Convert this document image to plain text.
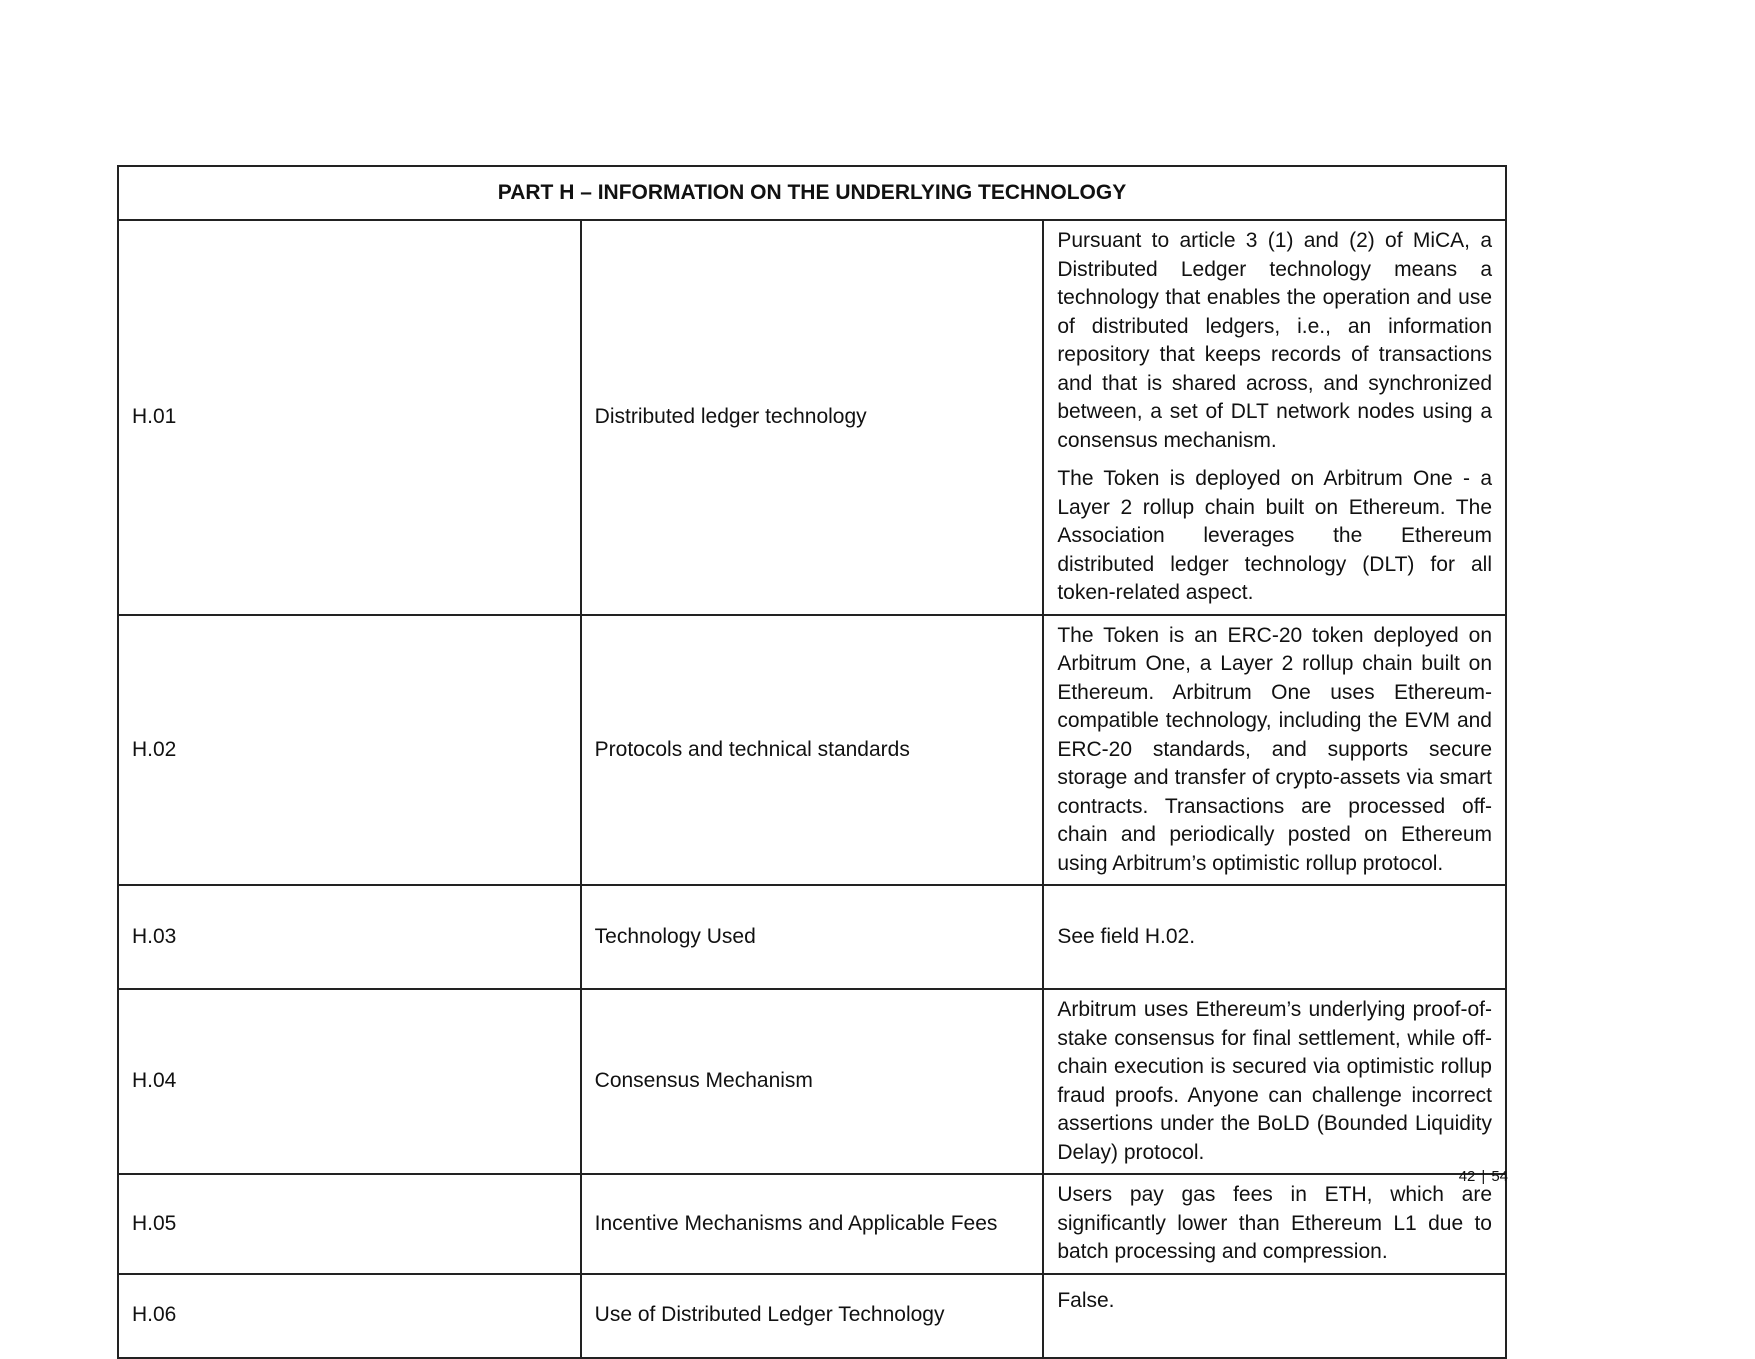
PART H – INFORMATION ON THE UNDERLYING TECHNOLOGY		

H.01	Distributed ledger technology	Pursuant to article 3 (1) and (2) of MiCA, a Distributed Ledger technology means a technology that enables the operation and use of distributed ledgers, i.e., an information repository that keeps records of transactions and that is shared across, and synchronized between, a set of DLT network nodes using a consensus mechanism.

The Token is deployed on Arbitrum One - a Layer 2 rollup chain built on Ethereum. The Association leverages the Ethereum distributed ledger technology (DLT) for all token-related aspect.

H.02	Protocols and technical standards	The Token is an ERC-20 token deployed on Arbitrum One, a Layer 2 rollup chain built on Ethereum. Arbitrum One uses Ethereum-compatible technology, including the EVM and ERC-20 standards, and supports secure storage and transfer of crypto-assets via smart contracts. Transactions are processed off-chain and periodically posted on Ethereum using Arbitrum’s optimistic rollup protocol.

H.03	Technology Used	See field H.02.

H.04	Consensus Mechanism	Arbitrum uses Ethereum’s underlying proof-of-stake consensus for final settlement, while off-chain execution is secured via optimistic rollup fraud proofs. Anyone can challenge incorrect assertions under the BoLD (Bounded Liquidity Delay) protocol.

H.05	Incentive Mechanisms and Applicable Fees	Users pay gas fees in ETH, which are significantly lower than Ethereum L1 due to batch processing and compression.

H.06	Use of Distributed Ledger Technology	False.

42 | 54
